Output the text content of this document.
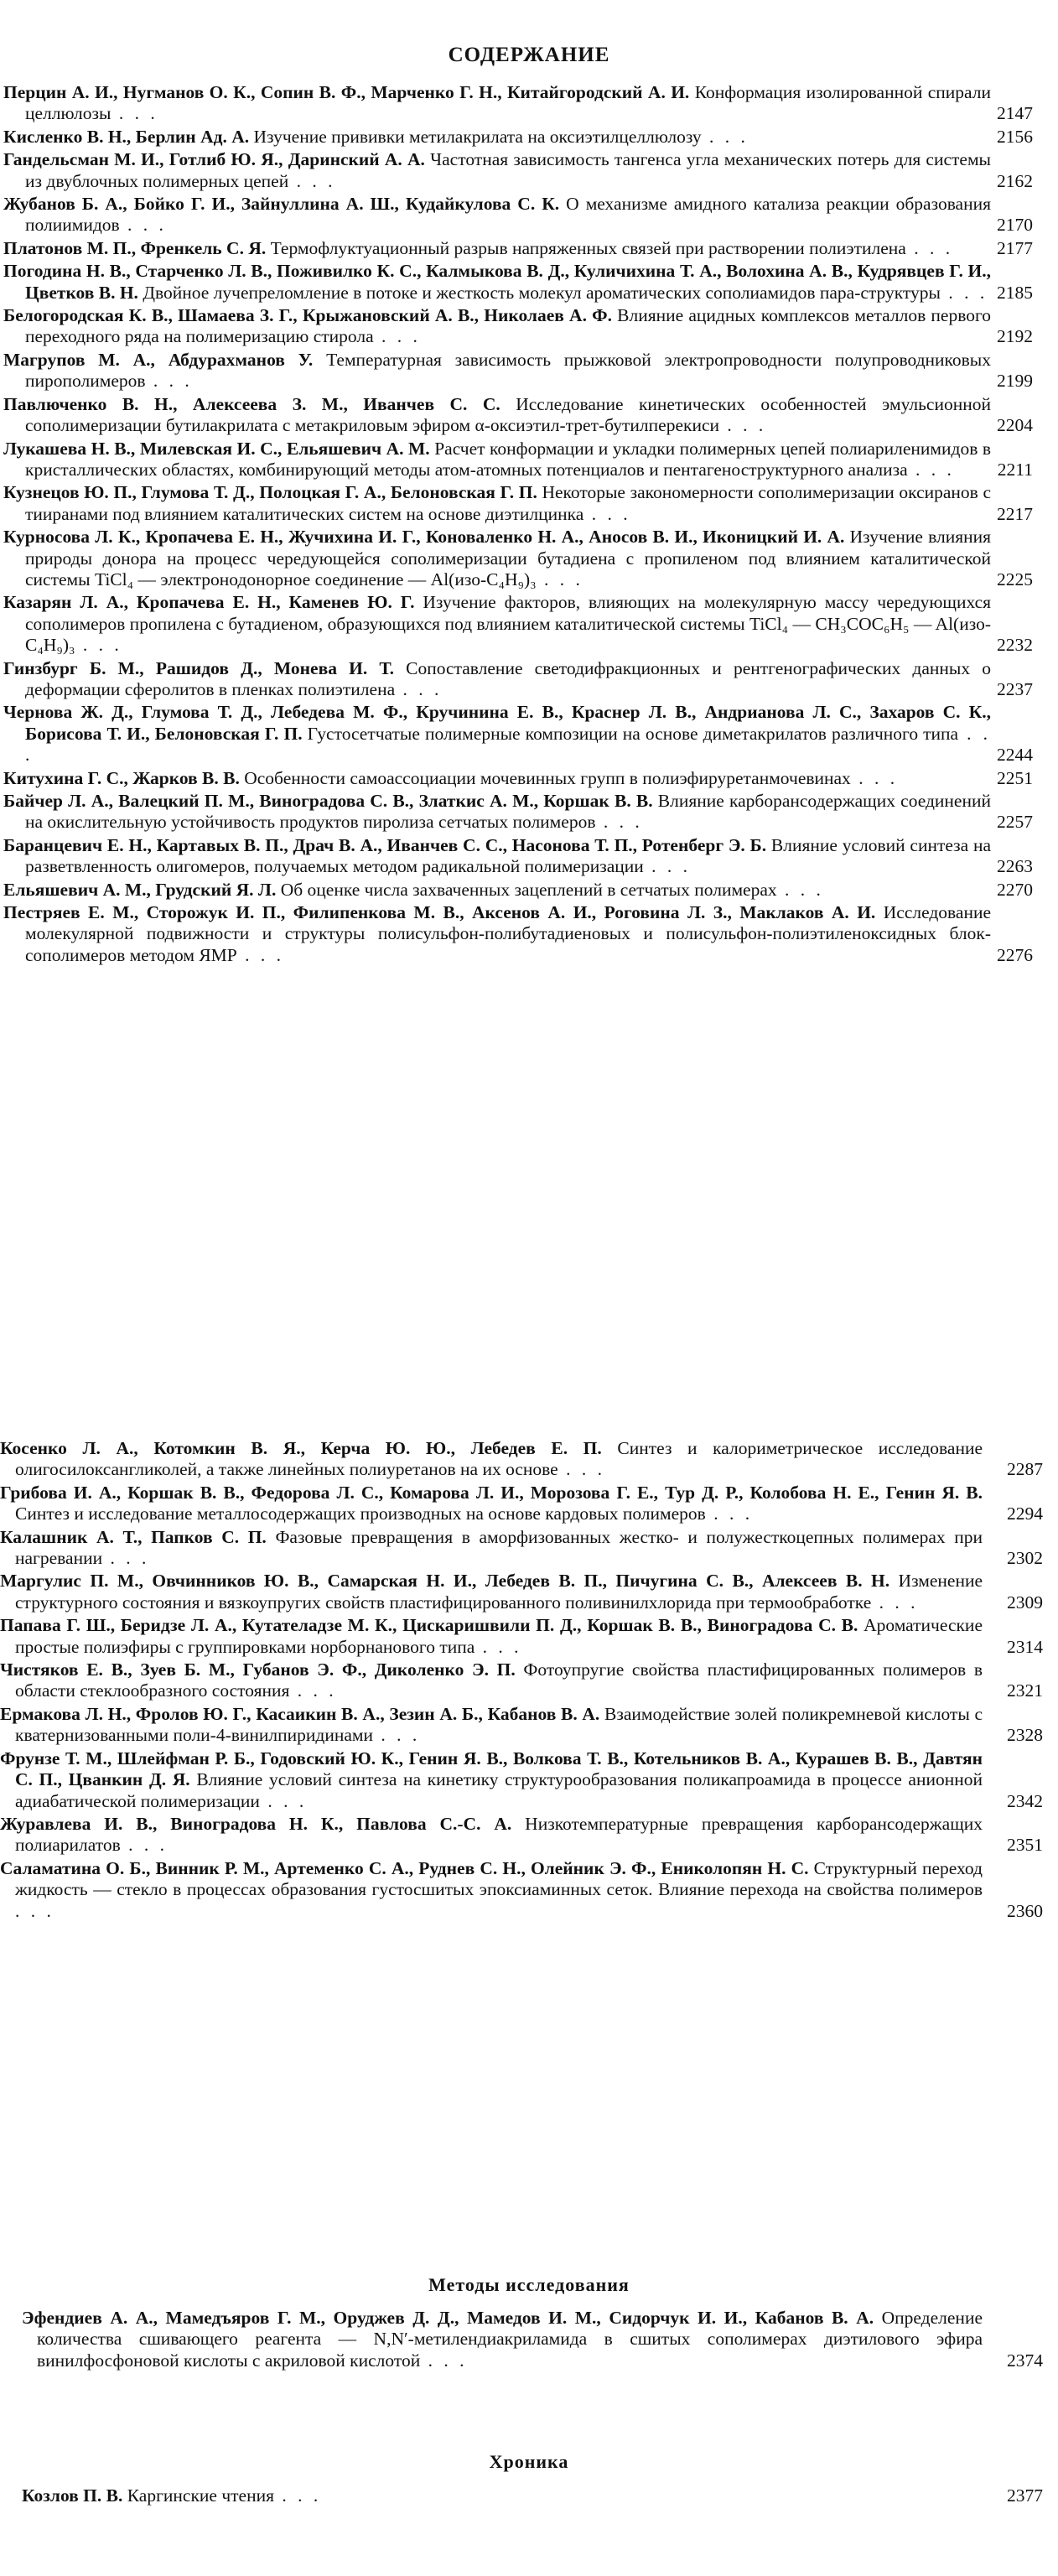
СОДЕРЖАНИЕ
Перцин А. И., Нугманов О. К., Сопин В. Ф., Марченко Г. Н., Китайгородский А. И. Конформация изолированной спирали целлюлозы . . .	2147
Кисленко В. Н., Берлин Ад. А. Изучение прививки метилакрилата на оксиэтилцеллюлозу . . .	2156
Гандельсман М. И., Готлиб Ю. Я., Даринский А. А. Частотная зависимость тангенса угла механических потерь для системы из двублочных полимерных цепей . . .	2162
Жубанов Б. А., Бойко Г. И., Зайнуллина А. Ш., Кудайкулова С. К. О механизме амидного катализа реакции образования полиимидов . . .	2170
Платонов М. П., Френкель С. Я. Термофлуктуационный разрыв напряженных связей при растворении полиэтилена . . .	2177
Погодина Н. В., Старченко Л. В., Поживилко К. С., Калмыкова В. Д., Куличихина Т. А., Волохина А. В., Кудрявцев Г. И., Цветков В. Н. Двойное лучепреломление в потоке и жесткость молекул ароматических сополиамидов пара-структуры . . . 2185
Белогородская К. В., Шамаева З. Г., Крыжановский А. В., Николаев А. Ф. Влияние ацидных комплексов металлов первого переходного ряда на полимеризацию стирола . . .	2192
Магрупов М. А., Абдурахманов У. Температурная зависимость прыжковой электропроводности полупроводниковых пирополимеров . . .	2199
Павлюченко В. Н., Алексеева З. М., Иванчев С. С. Исследование кинетических особенностей эмульсионной сополимеризации бутилакрилата с метакриловым эфиром α-оксиэтил-трет-бутилперекиси . . .	2204
Лукашева Н. В., Милевская И. С., Ельяшевич А. М. Расчет конформации и укладки полимерных цепей полиариленимидов в кристаллических областях, комбинирующий методы атом-атомных потенциалов и пентагеноструктурного анализа . . .	2211
Кузнецов Ю. П., Глумова Т. Д., Полоцкая Г. А., Белоновская Г. П. Некоторые закономерности сополимеризации оксиранов с тииранами под влиянием каталитических систем на основе диэтилцинка . . .	2217
Курносова Л. К., Кропачева Е. Н., Жучихина И. Г., Коноваленко Н. А., Аносов В. И., Иконицкий И. А. Изучение влияния природы донора на процесс чередующейся сополимеризации бутадиена с пропиленом под влиянием каталитической системы TiCl₄ — электронодонорное соединение — Al(изо-C₄H₉)₃ . . .	2225
Казарян Л. А., Кропачева Е. Н., Каменев Ю. Г. Изучение факторов, влияющих на молекулярную массу чередующихся сополимеров пропилена с бутадиеном, образующихся под влиянием каталитической системы TiCl₄ — CH₃COC₆H₅ — Al(изо-C₄H₉)₃ . . .	2232
Гинзбург Б. М., Рашидов Д., Монева И. Т. Сопоставление светодифракционных и рентгенографических данных о деформации сферолитов в пленках полиэтилена . . .	2237
Чернова Ж. Д., Глумова Т. Д., Лебедева М. Ф., Кручинина Е. В., Краснер Л. В., Андрианова Л. С., Захаров С. К., Борисова Т. И., Белоновская Г. П. Густосетчатые полимерные композиции на основе диметакрилатов различного типа . . .	2244
Китухина Г. С., Жарков В. В. Особенности самоассоциации мочевинных групп в полиэфируретанмочевинах . . .	2251
Байчер Л. А., Валецкий П. М., Виноградова С. В., Златкис А. М., Коршак В. В. Влияние карборансодержащих соединений на окислительную устойчивость продуктов пиролиза сетчатых полимеров . . .	2257
Баранцевич Е. Н., Картавых В. П., Драч В. А., Иванчев С. С., Насонова Т. П., Ротенберг Э. Б. Влияние условий синтеза на разветвленность олигомеров, получаемых методом радикальной полимеризации . . .	2263
Ельяшевич А. М., Грудский Я. Л. Об оценке числа захваченных зацеплений в сетчатых полимерах . . .	2270
Пестряев Е. М., Сторожук И. П., Филипенкова М. В., Аксенов А. И., Роговина Л. З., Маклаков А. И. Исследование молекулярной подвижности и структуры полисульфон-полибутадиеновых и полисульфон-полиэтиленоксидных блок-сополимеров методом ЯМР . . .	2276
Косенко Л. А., Котомкин В. Я., Керча Ю. Ю., Лебедев Е. П. Синтез и калориметрическое исследование олигосилоксангликолей, а также линейных полиуретанов на их основе . . .	2287
Грибова И. А., Коршак В. В., Федорова Л. С., Комарова Л. И., Морозова Г. Е., Тур Д. Р., Колобова Н. Е., Генин Я. В. Синтез и исследование металлосодержащих производных на основе кардовых полимеров . . .	2294
Калашник А. Т., Папков С. П. Фазовые превращения в аморфизованных жестко- и полужесткоцепных полимерах при нагревании . . .	2302
Маргулис П. М., Овчинников Ю. В., Самарская Н. И., Лебедев В. П., Пичугина С. В., Алексеев В. Н. Изменение структурного состояния и вязкоупругих свойств пластифицированного поливинилхлорида при термообработке . . .	2309
Папава Г. Ш., Беридзе Л. А., Кутателадзе М. К., Цискаришвили П. Д., Коршак В. В., Виноградова С. В. Ароматические простые полиэфиры с группировками норборнанового типа . . .	2314
Чистяков Е. В., Зуев Б. М., Губанов Э. Ф., Диколенко Э. П. Фотоупругие свойства пластифицированных полимеров в области стеклообразного состояния . . .	2321
Ермакова Л. Н., Фролов Ю. Г., Касаикин В. А., Зезин А. Б., Кабанов В. А. Взаимодействие золей поликремневой кислоты с кватернизованными поли-4-винилпиридинами . . .	2328
Фрунзе Т. М., Шлейфман Р. Б., Годовский Ю. К., Генин Я. В., Волкова Т. В., Котельников В. А., Курашев В. В., Давтян С. П., Цванкин Д. Я. Влияние условий синтеза на кинетику структурообразования поликапроамида в процессе анионной адиабатической полимеризации . . .	2342
Журавлева И. В., Виноградова Н. К., Павлова С.-С. А. Низкотемпературные превращения карборансодержащих полиарилатов . . .	2351
Саламатина О. Б., Винник Р. М., Артеменко С. А., Руднев С. Н., Олейник Э. Ф., Ениколопян Н. С. Структурный переход жидкость — стекло в процессах образования густосшитых эпоксиаминных сеток. Влияние перехода на свойства полимеров . . .	2360
Методы исследования
Эфендиев А. А., Мамедъяров Г. М., Оруджев Д. Д., Мамедов И. М., Сидорчук И. И., Кабанов В. А. Определение количества сшивающего реагента — N,N′-метилендиакриламида в сшитых сополимерах диэтилового эфира винилфосфоновой кислоты с акриловой кислотой . . .	2374
Хроника
Козлов П. В. Каргинские чтения . . .	2377
